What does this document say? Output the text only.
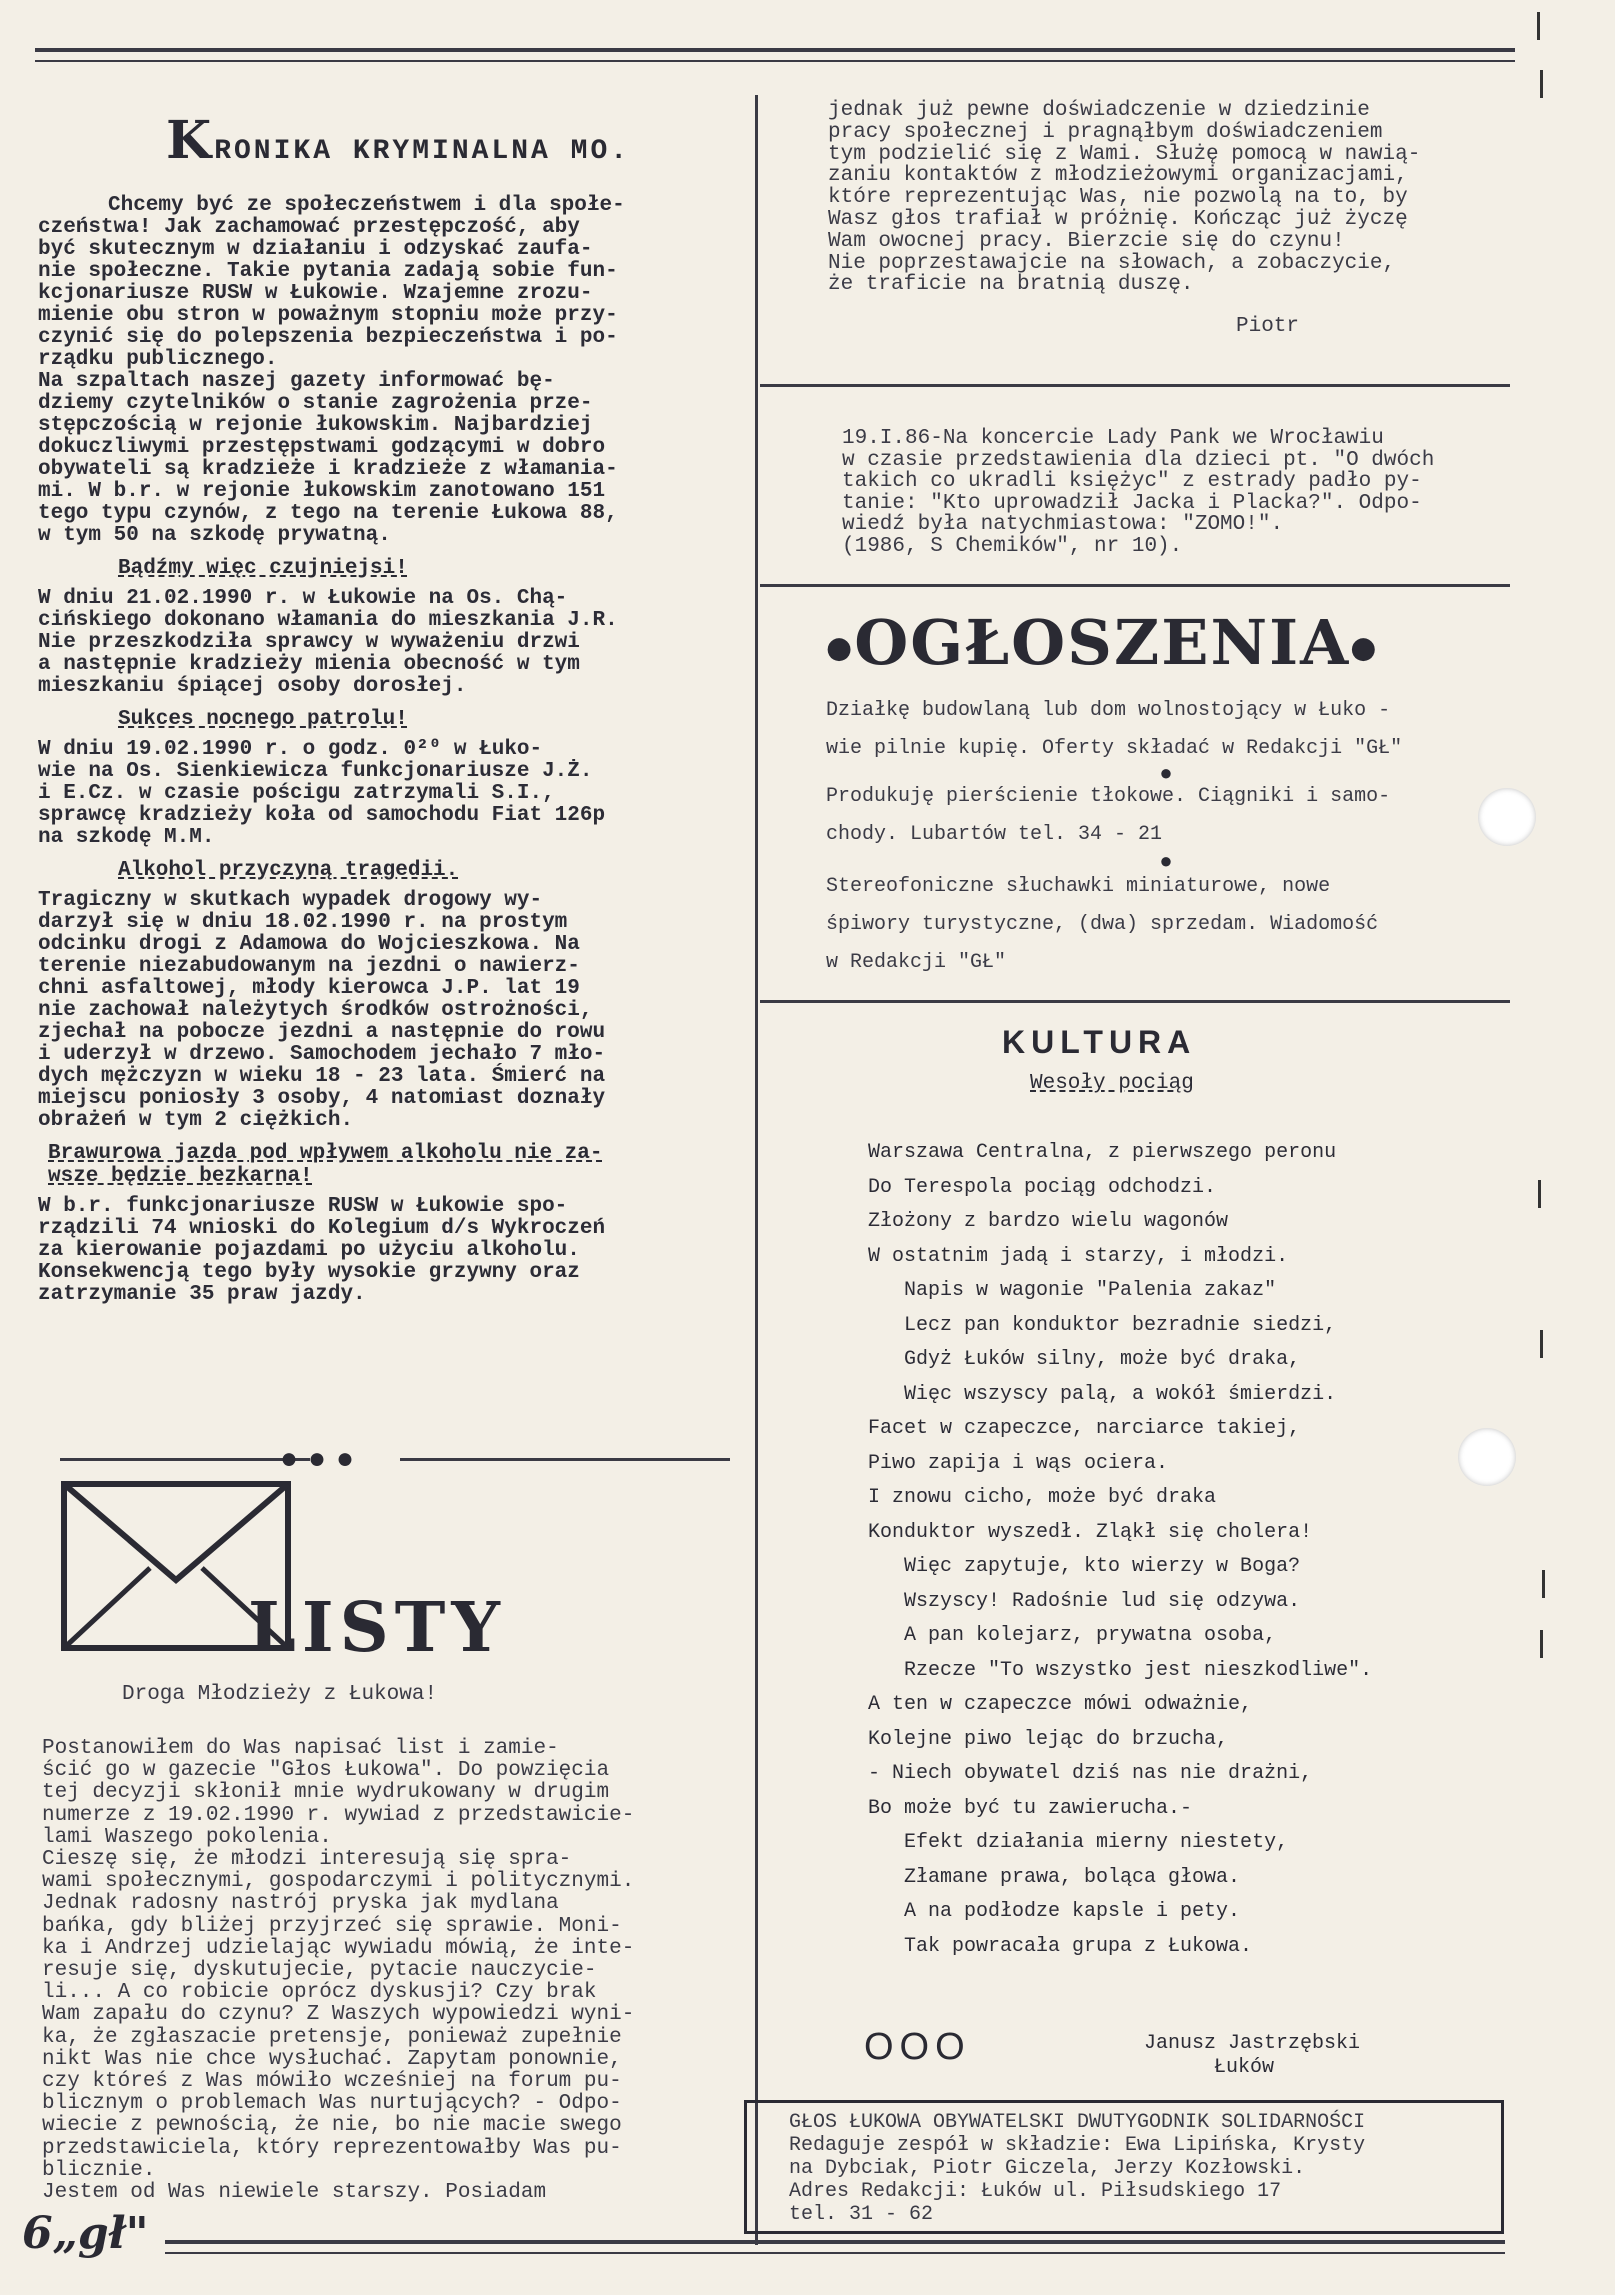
KRONIKA KRYMINALNA MO.

Chcemy być ze społeczeństwem i dla społe-
czeństwa! Jak zachamować przestępczość, aby
być skutecznym w działaniu i odzyskać zaufa-
nie społeczne. Takie pytania zadają sobie fun-
kcjonariusze RUSW w Łukowie. Wzajemne zrozu-
mienie obu stron w poważnym stopniu może przy-
czynić się do polepszenia bezpieczeństwa i po-
rządku publicznego.
Na szpaltach naszej gazety informować bę-
dziemy czytelników o stanie zagrożenia prze-
stępczością w rejonie łukowskim. Najbardziej
dokuczliwymi przestępstwami godzącymi w dobro
obywateli są kradzieże i kradzieże z włamania-
mi. W b.r. w rejonie łukowskim zanotowano 151
tego typu czynów, z tego na terenie Łukowa 88,
w tym 50 na szkodę prywatną.

Bądźmy więc czujniejsi!

W dniu 21.02.1990 r. w Łukowie na Os. Chą-
cińskiego dokonano włamania do mieszkania J.R.
Nie przeszkodziła sprawcy w wyważeniu drzwi
a następnie kradzieży mienia obecność w tym
mieszkaniu śpiącej osoby dorosłej.

Sukces nocnego patrolu!

W dniu 19.02.1990 r. o godz. 0²⁰ w Łuko-
wie na Os. Sienkiewicza funkcjonariusze J.Ż.
i E.Cz. w czasie pościgu zatrzymali S.I.,
sprawcę kradzieży koła od samochodu Fiat 126p
na szkodę M.M.

Alkohol przyczyną tragedii.

Tragiczny w skutkach wypadek drogowy wy-
darzył się w dniu 18.02.1990 r. na prostym
odcinku drogi z Adamowa do Wojcieszkowa. Na
terenie niezabudowanym na jezdni o nawierz-
chni asfaltowej, młody kierowca J.P. lat 19
nie zachował należytych środków ostrożności,
zjechał na pobocze jezdni a następnie do rowu
i uderzył w drzewo. Samochodem jechało 7 mło-
dych mężczyzn w wieku 18 - 23 lata. Śmierć na
miejscu poniosły 3 osoby, 4 natomiast doznały
obrażeń w tym 2 ciężkich.

Brawurowa jazda pod wpływem alkoholu nie za-
wsze będzie bezkarna!

W b.r. funkcjonariusze RUSW w Łukowie spo-
rządzili 74 wnioski do Kolegium d/s Wykroczeń
za kierowanie pojazdami po użyciu alkoholu.
Konsekwencją tego były wysokie grzywny oraz
zatrzymanie 35 praw jazdy.

●●●
LISTY
Droga Młodzieży z Łukowa!
Postanowiłem do Was napisać list i zamie-
ścić go w gazecie "Głos Łukowa". Do powzięcia
tej decyzji skłonił mnie wydrukowany w drugim
numerze z 19.02.1990 r. wywiad z przedstawicie-
lami Waszego pokolenia.
Cieszę się, że młodzi interesują się spra-
wami społecznymi, gospodarczymi i politycznymi.
Jednak radosny nastrój pryska jak mydlana
bańka, gdy bliżej przyjrzeć się sprawie. Moni-
ka i Andrzej udzielając wywiadu mówią, że inte-
resuje się, dyskutujecie, pytacie nauczycie-
li... A co robicie oprócz dyskusji? Czy brak
Wam zapału do czynu? Z Waszych wypowiedzi wyni-
ka, że zgłaszacie pretensje, ponieważ zupełnie
nikt Was nie chce wysłuchać. Zapytam ponownie,
czy któreś z Was mówiło wcześniej na forum pu-
blicznym o problemach Was nurtujących? - Odpo-
wiecie z pewnością, że nie, bo nie macie swego
przedstawiciela, który reprezentowałby Was pu-
blicznie.
Jestem od Was niewiele starszy. Posiadam
6„gł"
jednak już pewne doświadczenie w dziedzinie
pracy społecznej i pragnąłbym doświadczeniem
tym podzielić się z Wami. Służę pomocą w nawią-
zaniu kontaktów z młodzieżowymi organizacjami,
które reprezentując Was, nie pozwolą na to, by
Wasz głos trafiał w próżnię. Kończąc już życzę
Wam owocnej pracy. Bierzcie się do czynu!
Nie poprzestawajcie na słowach, a zobaczycie,
że traficie na bratnią duszę.
Piotr
19.I.86-Na koncercie Lady Pank we Wrocławiu
w czasie przedstawienia dla dzieci pt. "O dwóch
takich co ukradli księżyc" z estrady padło py-
tanie: "Kto uprowadził Jacka i Placka?". Odpo-
wiedź była natychmiastowa: "ZOMO!".
(1986, S Chemików", nr 10).
●OGŁOSZENIA●

Działkę budowlaną lub dom wolnostojący w Łuko -
wie pilnie kupię. Oferty składać w Redakcji "GŁ"

●

Produkuję pierścienie tłokowe. Ciągniki i samo-
chody. Lubartów tel. 34 - 21

●

Stereofoniczne słuchawki miniaturowe, nowe
śpiwory turystyczne, (dwa) sprzedam. Wiadomość
w Redakcji "GŁ"

KULTURA
Wesoły pociąg
Warszawa Centralna, z pierwszego peronu
Do Terespola pociąg odchodzi.
Złożony z bardzo wielu wagonów
W ostatnim jadą i starzy, i młodzi.
Napis w wagonie "Palenia zakaz"
Lecz pan konduktor bezradnie siedzi,
Gdyż Łuków silny, może być draka,
Więc wszyscy palą, a wokół śmierdzi.
Facet w czapeczce, narciarce takiej,
Piwo zapija i wąs ociera.
I znowu cicho, może być draka
Konduktor wyszedł. Zląkł się cholera!
Więc zapytuje, kto wierzy w Boga?
Wszyscy! Radośnie lud się odzywa.
A pan kolejarz, prywatna osoba,
Rzecze "To wszystko jest nieszkodliwe".
A ten w czapeczce mówi odważnie,
Kolejne piwo lejąc do brzucha,
- Niech obywatel dziś nas nie drażni,
Bo może być tu zawierucha.-
Efekt działania mierny niestety,
Złamane prawa, boląca głowa.
A na podłodze kapsle i pety.
Tak powracała grupa z Łukowa.
OOO	Janusz Jastrzębski
Łuków
GŁOS ŁUKOWA OBYWATELSKI DWUTYGODNIK SOLIDARNOŚCI
Redaguje zespół w składzie: Ewa Lipińska, Krysty
na Dybciak, Piotr Giczela, Jerzy Kozłowski.
Adres Redakcji: Łuków ul. Piłsudskiego 17
tel. 31 - 62
